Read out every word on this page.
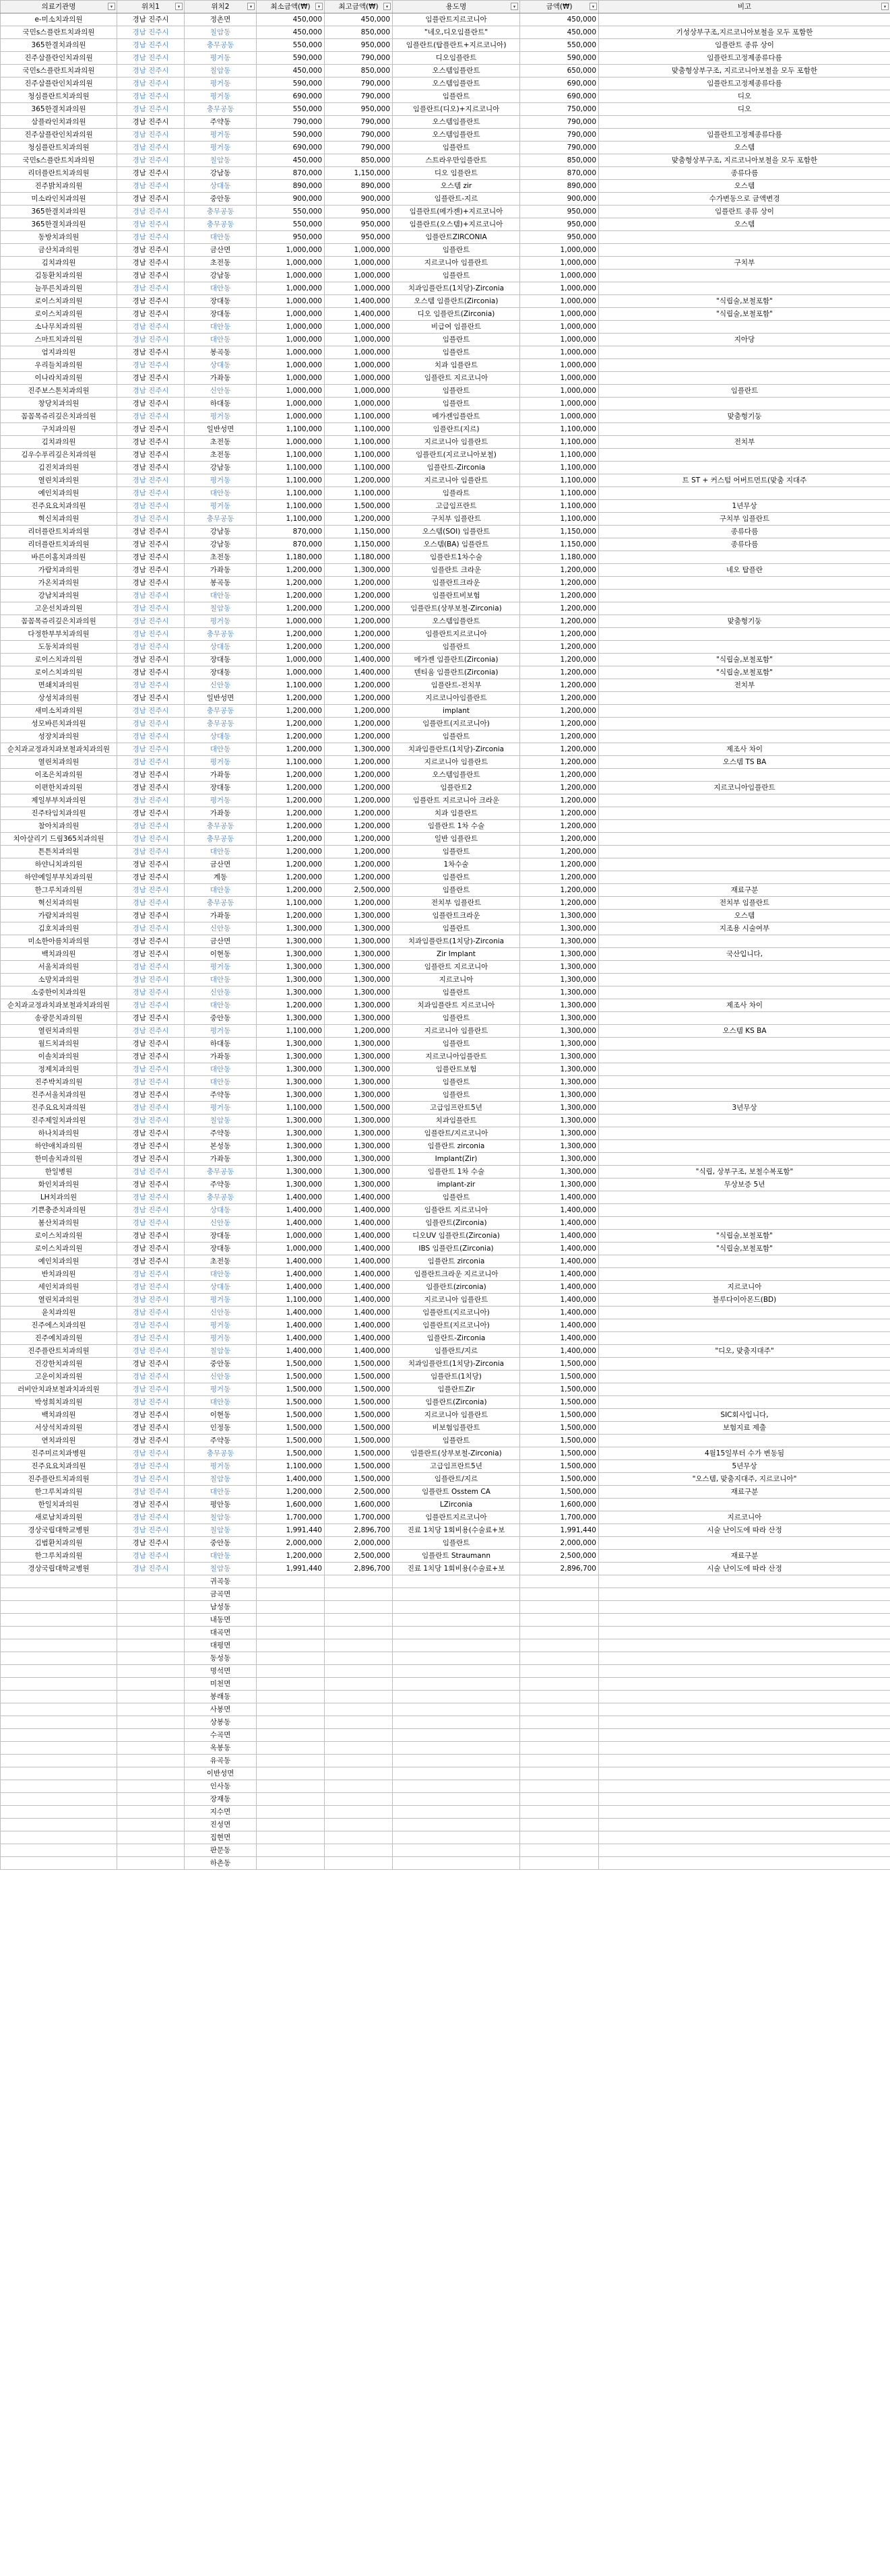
의료기관명 ▾	위치1 ▾	위치2 ▾	최소금액(₩) ▾	최고금액(₩) ▾	용도명 ▾	금액(₩) ▾	비고 ▾

e-미소치과의원	경남 진주시	정촌면	450,000	450,000	임플란트지르코니아	450,000	
국민s스플란트치과의원	경남 진주시	칠암동	450,000	850,000	"네오,디오임플란트"	450,000	기성상부구조,지르코니아보철을 모두 포함한
365한결치과의원	경남 진주시	충무공동	550,000	950,000	임플란트(탑플란트+지르코니아)	550,000	임플란트 종류 상이
진주삼플란인치과의원	경남 진주시	평거동	590,000	790,000	디오임플란트	590,000	임플란트고정제종류다름
국민s스플란트치과의원	경남 진주시	칠암동	450,000	850,000	오스템임플란트	650,000	맞춤형상부구조, 지르코니아보철을 모두 포함한
진주삼플란인치과의원	경남 진주시	평거동	590,000	790,000	오스템임플란트	690,000	임플란트고정제종류다름
청심플란트치과의원	경남 진주시	평거동	690,000	790,000	임플란트	690,000	디오
365한결치과의원	경남 진주시	충무공동	550,000	950,000	임플란트(디오)+지르코니아	750,000	디오
삼플라인치과의원	경남 진주시	주약동	790,000	790,000	오스템임플란트	790,000	
진주삼플란인치과의원	경남 진주시	평거동	590,000	790,000	오스템임플란트	790,000	임플란트고정제종류다름
청심플란트치과의원	경남 진주시	평거동	690,000	790,000	임플란트	790,000	오스템
국민s스플란트치과의원	경남 진주시	칠암동	450,000	850,000	스트라우만임플란트	850,000	맞춤형상부구조, 지르코니아보철을 모두 포함한
리더플란트치과의원	경남 진주시	강남동	870,000	1,150,000	디오 임플란트	870,000	종류다름
진주밝치과의원	경남 진주시	상대동	890,000	890,000	오스템 zir	890,000	오스템
미소라인치과의원	경남 진주시	중안동	900,000	900,000	임플란트-지르	900,000	수가변동으로 금액변경
365한결치과의원	경남 진주시	충무공동	550,000	950,000	임플란트(메가젠)+지르코니아	950,000	임플란트 종류 상이
365한결치과의원	경남 진주시	충무공동	550,000	950,000	임플란트(오스템)+지르코니아	950,000	오스템
동방치과의원	경남 진주시	대안동	950,000	950,000	임플란트ZIRCONIA	950,000	
금산치과의원	경남 진주시	금산면	1,000,000	1,000,000	임플란트	1,000,000	
김치과의원	경남 진주시	초전동	1,000,000	1,000,000	지르코니아 임플란트	1,000,000	구치부
김동환치과의원	경남 진주시	강남동	1,000,000	1,000,000	임플란트	1,000,000	
늘푸른치과의원	경남 진주시	대안동	1,000,000	1,000,000	치과임플란트(1치당)-Zirconia	1,000,000	
로이스치과의원	경남 진주시	장대동	1,000,000	1,400,000	오스템 임플란트(Zirconia)	1,000,000	"식립술,보철포함"
로이스치과의원	경남 진주시	장대동	1,000,000	1,400,000	디오 임플란트(Zirconia)	1,000,000	"식립술,보철포함"
소나무치과의원	경남 진주시	대안동	1,000,000	1,000,000	비급여 임플란트	1,000,000	
스마트치과의원	경남 진주시	대안동	1,000,000	1,000,000	임플란트	1,000,000	지아당
엄지과의원	경남 진주시	봉곡동	1,000,000	1,000,000	임플란트	1,000,000	
우리들치과의원	경남 진주시	상대동	1,000,000	1,000,000	치과 임플란트	1,000,000	
이나라치과의원	경남 진주시	가좌동	1,000,000	1,000,000	임플란트 지르코니아	1,000,000	
진주보스톤치과의원	경남 진주시	신안동	1,000,000	1,000,000	임플란트	1,000,000	임플란트
창당치과의원	경남 진주시	하대동	1,000,000	1,000,000	임플란트	1,000,000	
꼼꼼목쥬리깊은치과의원	경남 진주시	평거동	1,000,000	1,100,000	메가젠임플란트	1,000,000	맞춤형기둥
구치과의원	경남 진주시	일반성면	1,100,000	1,100,000	임플란트(지르)	1,100,000	
김치과의원	경남 진주시	초전동	1,000,000	1,100,000	지르코니아 임플란트	1,100,000	전치부
김우수푸리깊은치과의원	경남 진주시	초전동	1,100,000	1,100,000	임플란트(지르코니아보철)	1,100,000	
김진치과의원	경남 진주시	강남동	1,100,000	1,100,000	임플란트-Zirconia	1,100,000	
열린치과의원	경남 진주시	평거동	1,100,000	1,200,000	지르코니아 임플란트	1,100,000	트 ST + 커스텀 어버트먼트(맞춤 지대주
예인치과의원	경남 진주시	대안동	1,100,000	1,100,000	임플라트	1,100,000	
진주요요치과의원	경남 진주시	평거동	1,100,000	1,500,000	고급임프란트	1,100,000	1년무상
혁신치과의원	경남 진주시	충무공동	1,100,000	1,200,000	구치부 임플란트	1,100,000	구치부 임플란트
리더플란트치과의원	경남 진주시	강남동	870,000	1,150,000	오스템(SOI) 임플란트	1,150,000	종류다름
리더플란트치과의원	경남 진주시	강남동	870,000	1,150,000	오스템(BA) 임플란트	1,150,000	종류다름
바른이홈치과의원	경남 진주시	초전동	1,180,000	1,180,000	임플란트1차수술	1,180,000	
가람치과의원	경남 진주시	가좌동	1,200,000	1,300,000	임플란트 크라운	1,200,000	네오 탑플란
가온치과의원	경남 진주시	봉곡동	1,200,000	1,200,000	임플란트크라운	1,200,000	
강남치과의원	경남 진주시	대안동	1,200,000	1,200,000	임플란트비보험	1,200,000	
고운선치과의원	경남 진주시	칠암동	1,200,000	1,200,000	임플란트(상부보철-Zirconia)	1,200,000	
꼼꼼목쥬리깊은치과의원	경남 진주시	평거동	1,000,000	1,200,000	오스템임플란트	1,200,000	맞춤형기둥
다정한부부치과의원	경남 진주시	충무공동	1,200,000	1,200,000	임플란트지르코니아	1,200,000	
도동치과의원	경남 진주시	상대동	1,200,000	1,200,000	임플란트	1,200,000	
로이스치과의원	경남 진주시	장대동	1,000,000	1,400,000	메가젠 임플란트(Zirconia)	1,200,000	"식립술,보철포함"
로이스치과의원	경남 진주시	장대동	1,000,000	1,400,000	덴티움 임플란트(Zirconia)	1,200,000	"식립술,보철포함"
면쇄치과의원	경남 진주시	신안동	1,100,000	1,200,000	임플란트-전치부	1,200,000	전치부
상성치과의원	경남 진주시	일반성면	1,200,000	1,200,000	지르코니아임플란트	1,200,000	
새미소치과의원	경남 진주시	충무공동	1,200,000	1,200,000	implant	1,200,000	
성모바른치과의원	경남 진주시	충무공동	1,200,000	1,200,000	임플란트(지르코니아)	1,200,000	
성장치과의원	경남 진주시	상대동	1,200,000	1,200,000	임플란트	1,200,000	
순치과교정과치과보철과치과의원	경남 진주시	대안동	1,200,000	1,300,000	치과임플란트(1치당)-Zirconia	1,200,000	제조사 차이
열린치과의원	경남 진주시	평거동	1,100,000	1,200,000	지르코니아 임플란트	1,200,000	오스템 TS BA
이조은치과의원	경남 진주시	가좌동	1,200,000	1,200,000	오스템임플란트	1,200,000	
이편한치과의원	경남 진주시	장대동	1,200,000	1,200,000	임플란트2	1,200,000	지르코니아임플란트
제일부부치과의원	경남 진주시	평거동	1,200,000	1,200,000	임플란트 지르코니아 크라운	1,200,000	
진주타임치과의원	경남 진주시	가좌동	1,200,000	1,200,000	치과 임플란트	1,200,000	
참아치과의원	경남 진주시	충무공동	1,200,000	1,200,000	임플란트 1차 수술	1,200,000	
치아살리기 드림365치과의원	경남 진주시	충무공동	1,200,000	1,200,000	일반 임플란트	1,200,000	
튼튼치과의원	경남 진주시	대안동	1,200,000	1,200,000	임플란트	1,200,000	
하얀니치과의원	경남 진주시	금산면	1,200,000	1,200,000	1차수술	1,200,000	
하얀예일부부치과의원	경남 진주시	계동	1,200,000	1,200,000	임플란트	1,200,000	
한그루치과의원	경남 진주시	대안동	1,200,000	2,500,000	임플란트	1,200,000	재료구분
혁신치과의원	경남 진주시	충무공동	1,100,000	1,200,000	전치부 임플란트	1,200,000	전치부 임플란트
가람치과의원	경남 진주시	가좌동	1,200,000	1,300,000	임플란트크라운	1,300,000	오스템
김호치과의원	경남 진주시	신안동	1,300,000	1,300,000	임플란트	1,300,000	지조용 시술여부
미소한아름치과의원	경남 진주시	금산면	1,300,000	1,300,000	치과임플란트(1치당)-Zirconia	1,300,000	
백치과의원	경남 진주시	이현동	1,300,000	1,300,000	Zir Implant	1,300,000	국산입니다,
서울치과의원	경남 진주시	평거동	1,300,000	1,300,000	임플란트 지르코니아	1,300,000	
소망치과의원	경남 진주시	대안동	1,300,000	1,300,000	지르코니아	1,300,000	
소중한이치과의원	경남 진주시	신안동	1,300,000	1,300,000	임플란트	1,300,000	
순치과교정과치과보철과치과의원	경남 진주시	대안동	1,200,000	1,300,000	치과임플란트 지르코니아	1,300,000	제조사 차이
송광문치과의원	경남 진주시	중안동	1,300,000	1,300,000	임플란트	1,300,000	
열린치과의원	경남 진주시	평거동	1,100,000	1,200,000	지르코니아 임플란트	1,300,000	오스템 KS BA
월드치과의원	경남 진주시	하대동	1,300,000	1,300,000	임플란트	1,300,000	
이솔치과의원	경남 진주시	가좌동	1,300,000	1,300,000	지르코니아임플란트	1,300,000	
정제치과의원	경남 진주시	대안동	1,300,000	1,300,000	임플란트보험	1,300,000	
진주박치과의원	경남 진주시	대안동	1,300,000	1,300,000	임플란트	1,300,000	
진주서울치과의원	경남 진주시	주약동	1,300,000	1,300,000	임플란트	1,300,000	
진주요요치과의원	경남 진주시	평거동	1,100,000	1,500,000	고급임프란트5년	1,300,000	3년무상
진주제일치과의원	경남 진주시	칠암동	1,300,000	1,300,000	치과임플란트	1,300,000	
하나치과의원	경남 진주시	주약동	1,300,000	1,300,000	임플란트/지르코니아	1,300,000	
하얀애치과의원	경남 진주시	본성동	1,300,000	1,300,000	임플란트 zirconia	1,300,000	
한미솔치과의원	경남 진주시	가좌동	1,300,000	1,300,000	Implant(Zir)	1,300,000	
한일병원	경남 진주시	충무공동	1,300,000	1,300,000	임플란트 1차 수술	1,300,000	"식립, 상부구조, 보철수복포함"
화인치과의원	경남 진주시	주약동	1,300,000	1,300,000	implant-zir	1,300,000	무상보증 5년
LH치과의원	경남 진주시	충무공동	1,400,000	1,400,000	임플란트	1,400,000	
기쁜충준치과의원	경남 진주시	상대동	1,400,000	1,400,000	임플란트 지르코니아	1,400,000	
봄산치과의원	경남 진주시	신안동	1,400,000	1,400,000	임플란트(Zirconia)	1,400,000	
로이스치과의원	경남 진주시	장대동	1,000,000	1,400,000	디오UV 임플란트(Zirconia)	1,400,000	"식립술,보철포함"
로이스치과의원	경남 진주시	장대동	1,000,000	1,400,000	IBS 임플란트(Zirconia)	1,400,000	"식립술,보철포함"
예인치과의원	경남 진주시	초전동	1,400,000	1,400,000	임플란트 zirconia	1,400,000	
반치과의원	경남 진주시	대안동	1,400,000	1,400,000	임플란트크라운 지르코니아	1,400,000	
세인치과의원	경남 진주시	상대동	1,400,000	1,400,000	임플란트(zirconia)	1,400,000	지르코니아
열린치과의원	경남 진주시	평거동	1,100,000	1,400,000	지르코니아 임플란트	1,400,000	블루다이아몬드(BD)
윤치과의원	경남 진주시	신안동	1,400,000	1,400,000	임플란트(지르코니아)	1,400,000	
진주에스치과의원	경남 진주시	평거동	1,400,000	1,400,000	임플란트(지르코니아)	1,400,000	
진주예치과의원	경남 진주시	평거동	1,400,000	1,400,000	임플란트-Zirconia	1,400,000	
진주플란트치과의원	경남 진주시	칠암동	1,400,000	1,400,000	임플란트/지르	1,400,000	"디오, 맞춤지대주"
건강한치과의원	경남 진주시	중안동	1,500,000	1,500,000	치과임플란트(1치당)-Zirconia	1,500,000	
고운이치과의원	경남 진주시	신안동	1,500,000	1,500,000	임플란트(1치당)	1,500,000	
러비안치과보철과치과의원	경남 진주시	평거동	1,500,000	1,500,000	임플란트Zir	1,500,000	
박성희치과의원	경남 진주시	대안동	1,500,000	1,500,000	임플란트(Zirconia)	1,500,000	
백치과의원	경남 진주시	이현동	1,500,000	1,500,000	지르코니아 임플란트	1,500,000	SIC회사입니다,
서상석치과의원	경남 진주시	인정동	1,500,000	1,500,000	비보험임플란트	1,500,000	보험지료 제출
연치과의원	경남 진주시	주약동	1,500,000	1,500,000	임플란트	1,500,000	
진주미르치과병원	경남 진주시	충무공동	1,500,000	1,500,000	임플란트(상부보철-Zirconia)	1,500,000	4월15일부터 수가 변동됨
진주요요치과의원	경남 진주시	평거동	1,100,000	1,500,000	고급임프란트5년	1,500,000	5년무상
진주플란트치과의원	경남 진주시	칠암동	1,400,000	1,500,000	임플란트/지르	1,500,000	"오스템, 맞춤지대주, 지르코니아"
한그루치과의원	경남 진주시	대안동	1,200,000	2,500,000	임플란트 Osstem CA	1,500,000	재료구분
한일치과의원	경남 진주시	평안동	1,600,000	1,600,000	LZirconia	1,600,000	
새로남치과의원	경남 진주시	칠암동	1,700,000	1,700,000	임플란트지르코니아	1,700,000	지르코니아
경상국립대학교병원	경남 진주시	칠암동	1,991,440	2,896,700	진료 1치당 1회비용(수술료+보	1,991,440	시술 난이도에 따라 산정
김범환치과의원	경남 진주시	중안동	2,000,000	2,000,000	임플란트	2,000,000	
한그루치과의원	경남 진주시	대안동	1,200,000	2,500,000	임플란트 Straumann	2,500,000	재료구분
경상국립대학교병원	경남 진주시	칠암동	1,991,440	2,896,700	진료 1치당 1회비용(수술료+보	2,896,700	시술 난이도에 따라 산정
		귀곡동					
		금곡면					
		남성동					
		내동면					
		대곡면					
		대평면					
		동성동					
		명석면					
		미천면					
		봉래동					
		사봉면					
		상봉동					
		수곡면					
		옥봉동					
		유곡동					
		이반성면					
		인사동					
		장재동					
		지수면					
		진성면					
		집현면					
		판문동					
		하촌동					
